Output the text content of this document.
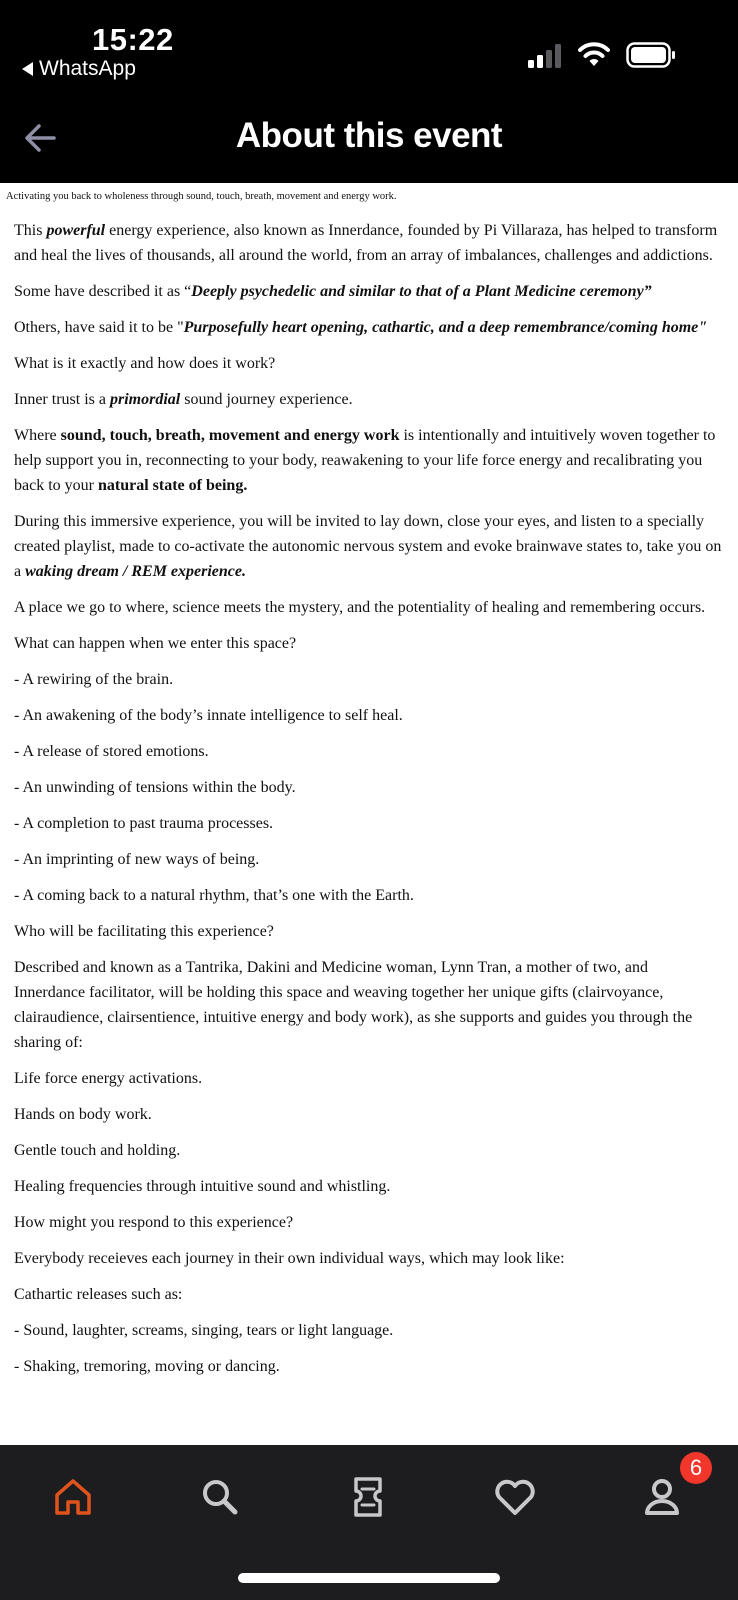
15:22
WhatsApp
About this event
Activating you back to wholeness through sound, touch, breath, movement and energy work.

This powerful energy experience, also known as Innerdance, founded by Pi Villaraza, has helped to transform and heal the lives of thousands, all around the world, from an array of imbalances, challenges and addictions.

Some have described it as “Deeply psychedelic and similar to that of a Plant Medicine ceremony”

Others, have said it to be "Purposefully heart opening, cathartic, and a deep remembrance/coming home"

What is it exactly and how does it work?

Inner trust is a primordial sound journey experience.

Where sound, touch, breath, movement and energy work is intentionally and intuitively woven together to help support you in, reconnecting to your body, reawakening to your life force energy and recalibrating you back to your natural state of being.

During this immersive experience, you will be invited to lay down, close your eyes, and listen to a specially created playlist, made to co-activate the autonomic nervous system and evoke brainwave states to, take you on a waking dream / REM experience.

A place we go to where, science meets the mystery, and the potentiality of healing and remembering occurs.

What can happen when we enter this space?

- A rewiring of the brain.

- An awakening of the body’s innate intelligence to self heal.

- A release of stored emotions.

- An unwinding of tensions within the body.

- A completion to past trauma processes.

- An imprinting of new ways of being.

- A coming back to a natural rhythm, that’s one with the Earth.

Who will be facilitating this experience?

Described and known as a Tantrika, Dakini and Medicine woman, Lynn Tran, a mother of two, and Innerdance facilitator, will be holding this space and weaving together her unique gifts (clairvoyance, clairaudience, clairsentience, intuitive energy and body work), as she supports and guides you through the sharing of:

Life force energy activations.

Hands on body work.

Gentle touch and holding.

Healing frequencies through intuitive sound and whistling.

How might you respond to this experience?

Everybody receieves each journey in their own individual ways, which may look like:

Cathartic releases such as:

- Sound, laughter, screams, singing, tears or light language.

- Shaking, tremoring, moving or dancing.

6
